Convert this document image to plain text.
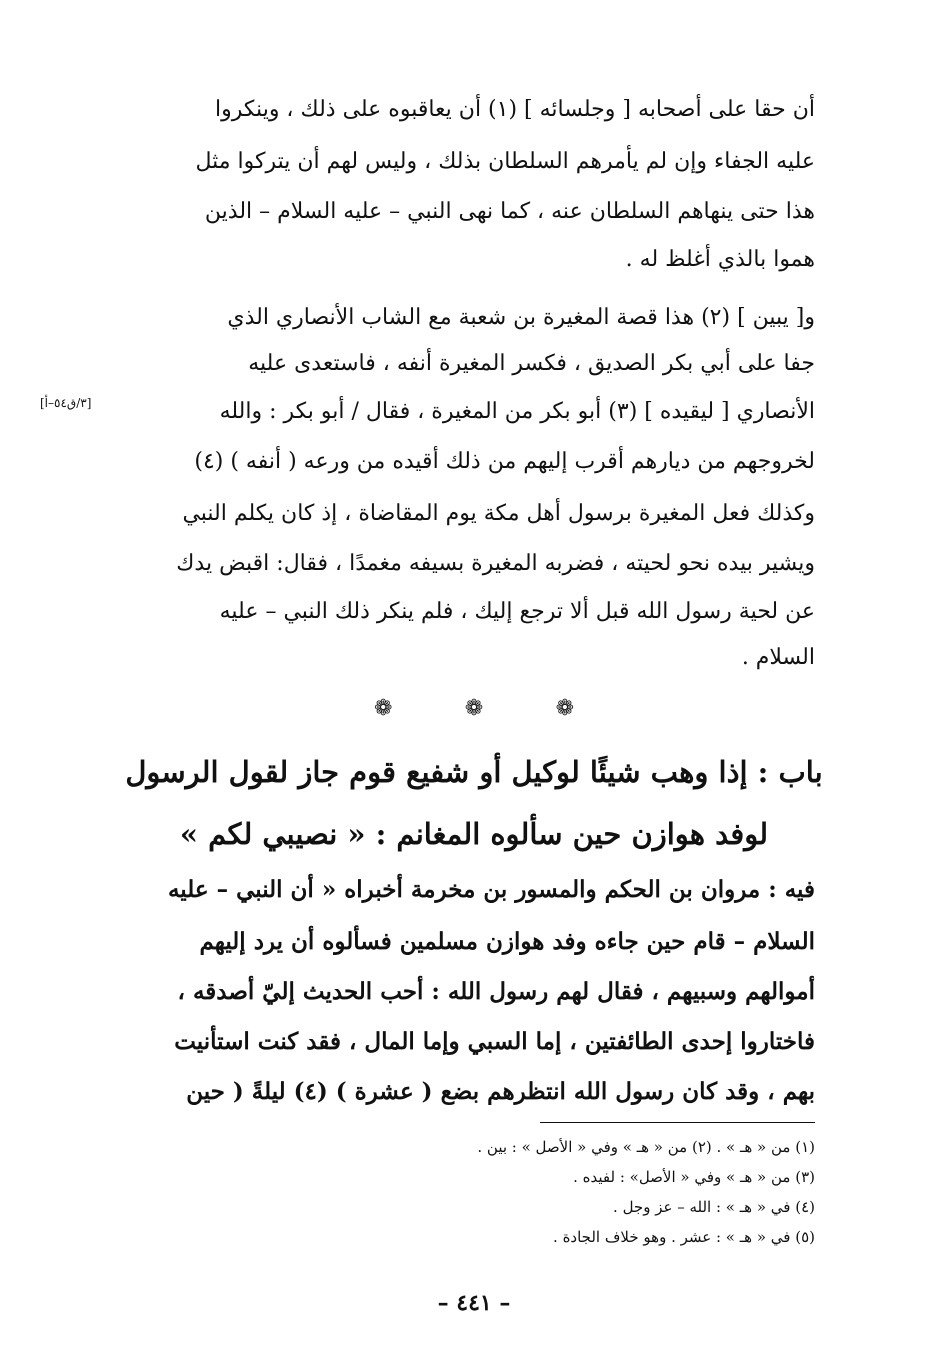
أن حقا على أصحابه [ وجلسائه ] (١) أن يعاقبوه على ذلك ، وينكروا
عليه الجفاء وإن لم يأمرهم السلطان بذلك ، وليس لهم أن يتركوا مثل
هذا حتى ينهاهم السلطان عنه ، كما نهى النبي – عليه السلام – الذين
هموا بالذي أغلظ له .
و[ يبين ] (٢) هذا قصة المغيرة بن شعبة مع الشاب الأنصاري الذي
جفا على أبي بكر الصديق ، فكسر المغيرة أنفه ، فاستعدى عليه
الأنصاري [ ليقيده ] (٣) أبو بكر من المغيرة ، فقال / أبو بكر : والله
لخروجهم من ديارهم أقرب إليهم من ذلك أقيده من ورعه ( أنفه ) (٤)
وكذلك فعل المغيرة برسول أهل مكة يوم المقاضاة ، إذ كان يكلم النبي
ويشير بيده نحو لحيته ، فضربه المغيرة بسيفه مغمدًا ، فقال: اقبض يدك
عن لحية رسول الله قبل ألا ترجع إليك ، فلم ينكر ذلك النبي – عليه
السلام .
[٣/ق٥٤–أ]
❁	❁	❁
باب : إذا وهب شيئًا لوكيل أو شفيع قوم جاز لقول الرسول
لوفد هوازن حين سألوه المغانم : « نصيبي لكم »
فيه : مروان بن الحكم والمسور بن مخرمة أخبراه « أن النبي – عليه
السلام – قام حين جاءه وفد هوازن مسلمين فسألوه أن يرد إليهم
أموالهم وسبيهم ، فقال لهم رسول الله : أحب الحديث إليّ أصدقه ،
فاختاروا إحدى الطائفتين ، إما السبي وإما المال ، فقد كنت استأنيت
بهم ، وقد كان رسول الله انتظرهم بضع ( عشرة ) (٤) ليلةً ( حين
(١) من « هـ » . (٢) من « هـ » وفي « الأصل » : بين .
(٣) من « هـ » وفي « الأصل» : لفيده .
(٤) في « هـ » : الله – عز وجل .
(٥) في « هـ » : عشر . وهو خلاف الجادة .
– ٤٤١ –
